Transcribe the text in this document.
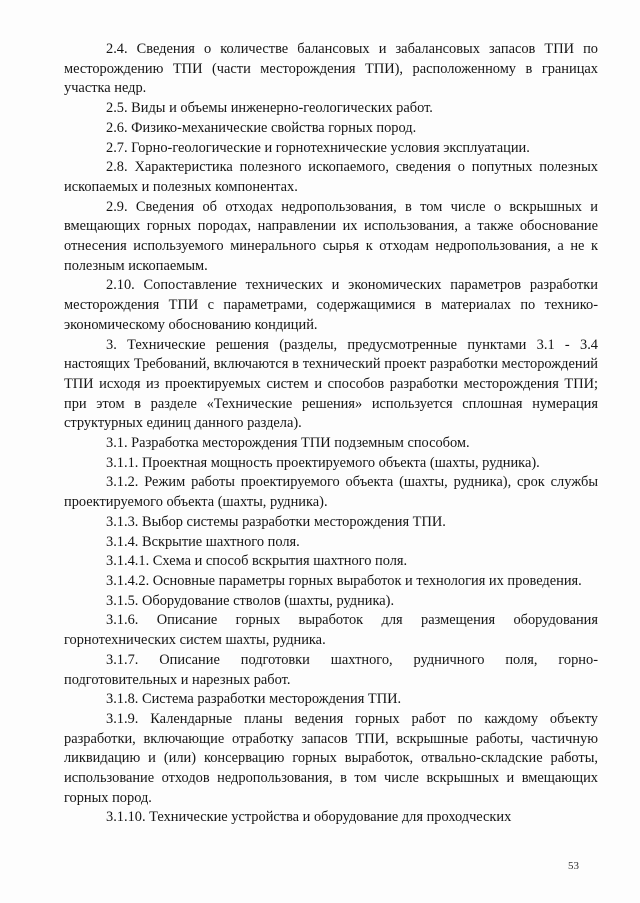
2.4. Сведения о количестве балансовых и забалансовых запасов ТПИ по месторождению ТПИ (части месторождения ТПИ), расположенному в границах участка недр.

2.5. Виды и объемы инженерно-геологических работ.

2.6. Физико-механические свойства горных пород.

2.7. Горно-геологические и горнотехнические условия эксплуатации.

2.8. Характеристика полезного ископаемого, сведения о попутных полезных ископаемых и полезных компонентах.

2.9. Сведения об отходах недропользования, в том числе о вскрышных и вмещающих горных породах, направлении их использования, а также обоснование отнесения используемого минерального сырья к отходам недропользования, а не к полезным ископаемым.

2.10. Сопоставление технических и экономических параметров разработки месторождения ТПИ с параметрами, содержащимися в материалах по технико-экономическому обоснованию кондиций.

3. Технические решения (разделы, предусмотренные пунктами 3.1 - 3.4 настоящих Требований, включаются в технический проект разработки месторождений ТПИ исходя из проектируемых систем и способов разработки месторождения ТПИ; при этом в разделе «Технические решения» используется сплошная нумерация структурных единиц данного раздела).

3.1. Разработка месторождения ТПИ подземным способом.

3.1.1. Проектная мощность проектируемого объекта (шахты, рудника).

3.1.2. Режим работы проектируемого объекта (шахты, рудника), срок службы проектируемого объекта (шахты, рудника).

3.1.3. Выбор системы разработки месторождения ТПИ.

3.1.4. Вскрытие шахтного поля.

3.1.4.1. Схема и способ вскрытия шахтного поля.

3.1.4.2. Основные параметры горных выработок и технология их проведения.

3.1.5. Оборудование стволов (шахты, рудника).

3.1.6. Описание горных выработок для размещения оборудования горнотехнических систем шахты, рудника.

3.1.7. Описание подготовки шахтного, рудничного поля, горно-подготовительных и нарезных работ.

3.1.8. Система разработки месторождения ТПИ.

3.1.9. Календарные планы ведения горных работ по каждому объекту разработки, включающие отработку запасов ТПИ, вскрышные работы, частичную ликвидацию и (или) консервацию горных выработок, отвально-складские работы, использование отходов недропользования, в том числе вскрышных и вмещающих горных пород.

3.1.10. Технические устройства и оборудование для проходческих

53
